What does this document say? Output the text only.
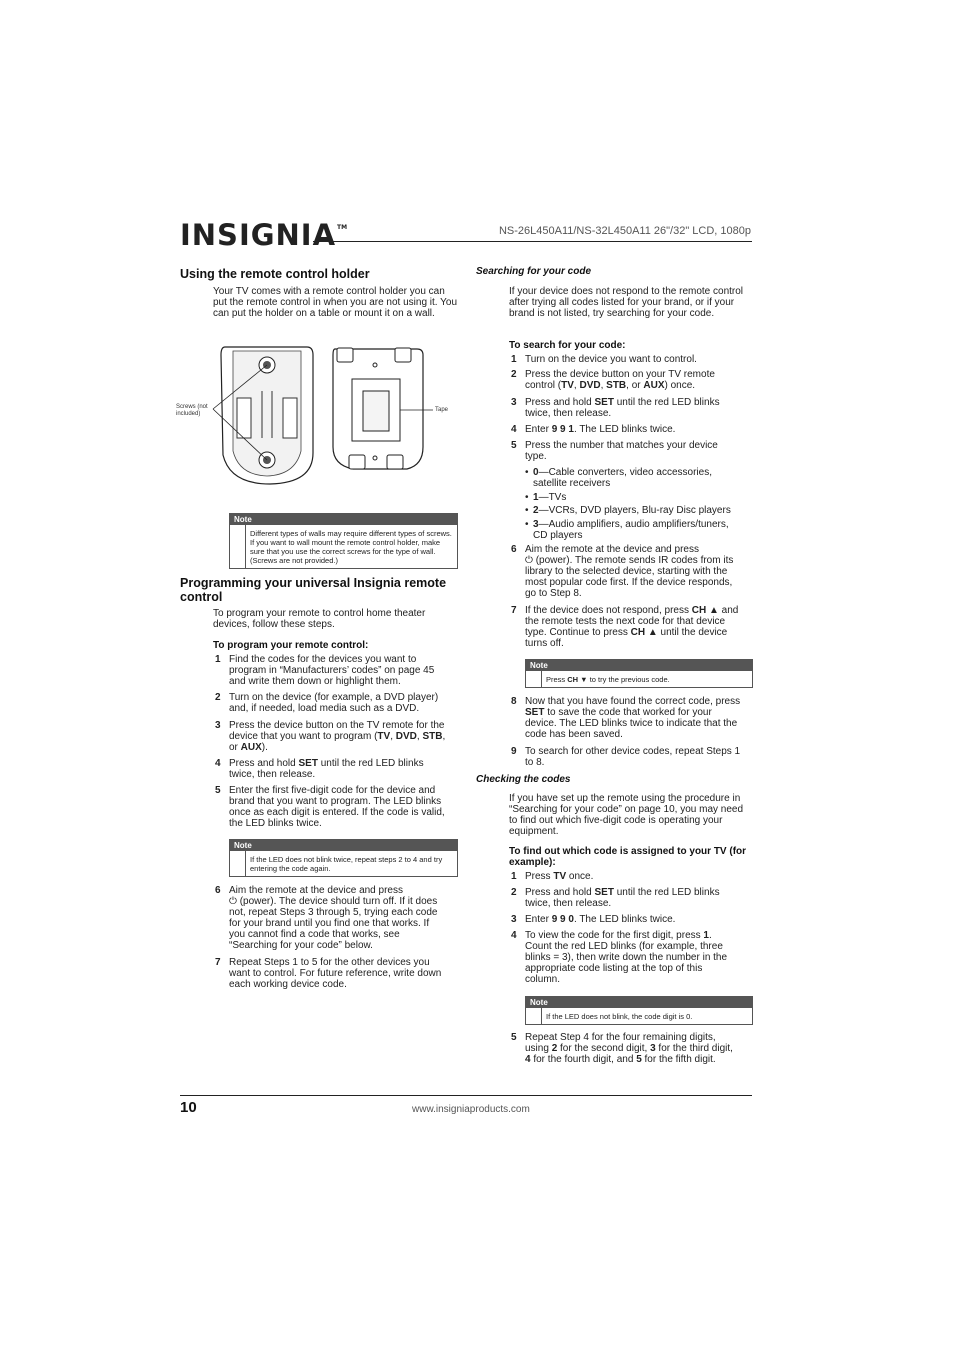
INSIGNIA™	NS-26L450A11/NS-32L450A11 26"/32" LCD, 1080p
Using the remote control holder

Your TV comes with a remote control holder you can put the remote control in when you are not using it. You can put the holder on a table or mount it on a wall.

Screws (not included)
Tape
Note
Different types of walls may require different types of screws. If you want to wall mount the remote control holder, make sure that you use the correct screws for the type of wall. (Screws are not provided.)
Programming your universal Insignia remote control

To program your remote to control home theater devices, follow these steps.

To program your remote control:
1 Find the codes for the devices you want to
program in “Manufacturers’ codes” on page 45
and write them down or highlight them.
2 Turn on the device (for example, a DVD player)
and, if needed, load media such as a DVD.
3 Press the device button on the TV remote for the
device that you want to program (TV, DVD, STB,
or AUX).
4 Press and hold SET until the red LED blinks
twice, then release.
5 Enter the first five-digit code for the device and
brand that you want to program. The LED blinks
once as each digit is entered. If the code is valid,
the LED blinks twice.
Note
If the LED does not blink twice, repeat steps 2 to 4 and try entering the code again.
6 Aim the remote at the device and press
⏻ (power). The device should turn off. If it does
not, repeat Steps 3 through 5, trying each code
for your brand until you find one that works. If
you cannot find a code that works, see
“Searching for your code” below.
7 Repeat Steps 1 to 5 for the other devices you
want to control. For future reference, write down
each working device code.
Searching for your code

If your device does not respond to the remote control after trying all codes listed for your brand, or if your brand is not listed, try searching for your code.

To search for your code:
1 Turn on the device you want to control.
2 Press the device button on your TV remote
control (TV, DVD, STB, or AUX) once.
3 Press and hold SET until the red LED blinks
twice, then release.
4 Enter 9 9 1. The LED blinks twice.
5 Press the number that matches your device
type.
• 0—Cable converters, video accessories,
satellite receivers
• 1—TVs
• 2—VCRs, DVD players, Blu-ray Disc players
• 3—Audio amplifiers, audio amplifiers/tuners,
CD players
6 Aim the remote at the device and press
⏻ (power). The remote sends IR codes from its
library to the selected device, starting with the
most popular code first. If the device responds,
go to Step 8.
7 If the device does not respond, press CH ▲ and
the remote tests the next code for that device
type. Continue to press CH ▲ until the device
turns off.
Note
Press CH ▼ to try the previous code.
8 Now that you have found the correct code, press
SET to save the code that worked for your
device. The LED blinks twice to indicate that the
code has been saved.
9 To search for other device codes, repeat Steps 1
to 8.
Checking the codes

If you have set up the remote using the procedure in “Searching for your code” on page 10, you may need to find out which five-digit code is operating your equipment.

To find out which code is assigned to your TV (for example):
1 Press TV once.
2 Press and hold SET until the red LED blinks
twice, then release.
3 Enter 9 9 0. The LED blinks twice.
4 To view the code for the first digit, press 1.
Count the red LED blinks (for example, three
blinks = 3), then write down the number in the
appropriate code listing at the top of this
column.
Note
If the LED does not blink, the code digit is 0.
5 Repeat Step 4 for the four remaining digits,
using 2 for the second digit, 3 for the third digit,
4 for the fourth digit, and 5 for the fifth digit.
10	www.insigniaproducts.com
